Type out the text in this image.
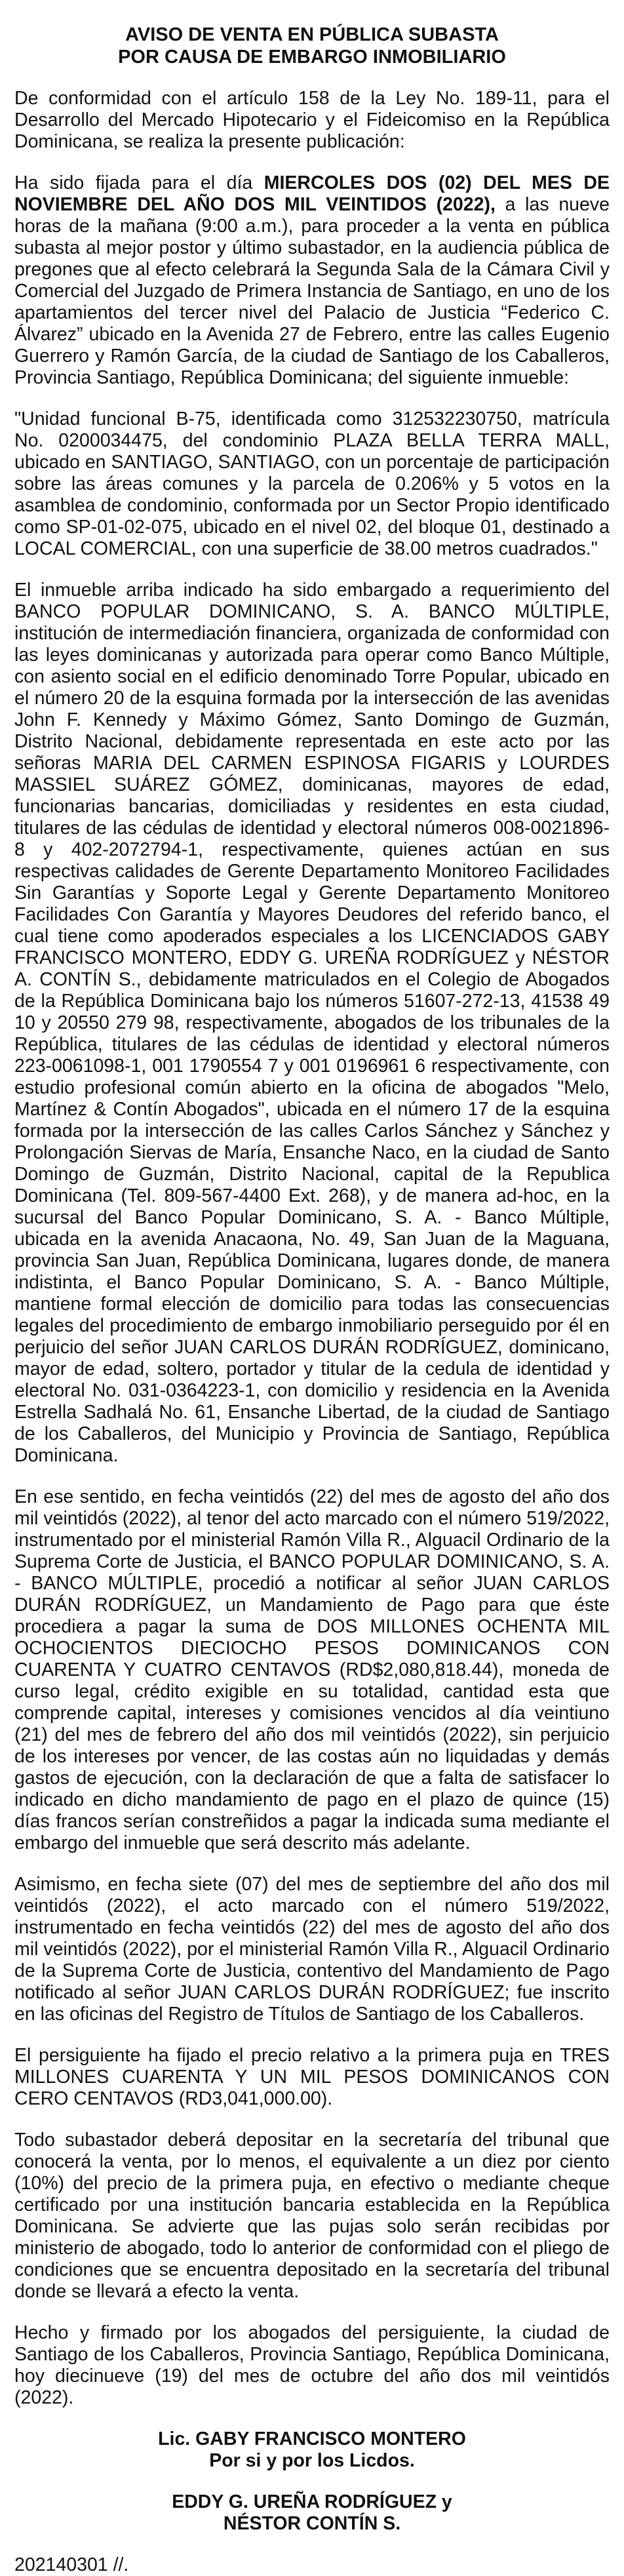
AVISO DE VENTA EN PÚBLICA SUBASTA
POR CAUSA DE EMBARGO INMOBILIARIO

De conformidad con el artículo 158 de la Ley No. 189-11, para el Desarrollo del Mercado Hipotecario y el Fideicomiso en la República Dominicana, se realiza la presente publicación:

Ha sido fijada para el día MIERCOLES DOS (02) DEL MES DE NOVIEMBRE DEL AÑO DOS MIL VEINTIDOS (2022), a las nueve horas de la mañana (9:00 a.m.), para proceder a la venta en pública subasta al mejor postor y último subastador, en la audiencia pública de pregones que al efecto celebrará la Segunda Sala de la Cámara Civil y Comercial del Juzgado de Primera Instancia de Santiago, en uno de los apartamientos del tercer nivel del Palacio de Justicia “Federico C. Álvarez” ubicado en la Avenida 27 de Febrero, entre las calles Eugenio Guerrero y Ramón García, de la ciudad de Santiago de los Caballeros, Provincia Santiago, República Dominicana; del siguiente inmueble:

"Unidad funcional B-75, identificada como 312532230750, matrícula No. 0200034475, del condominio PLAZA BELLA TERRA MALL, ubicado en SANTIAGO, SANTIAGO, con un porcentaje de participación sobre las áreas comunes y la parcela de 0.206% y 5 votos en la asamblea de condominio, conformada por un Sector Propio identificado como SP-01-02-075, ubicado en el nivel 02, del bloque 01, destinado a LOCAL COMERCIAL, con una superficie de 38.00 metros cuadrados."

El inmueble arriba indicado ha sido embargado a requerimiento del BANCO POPULAR DOMINICANO, S. A. BANCO MÚLTIPLE, institución de intermediación financiera, organizada de conformidad con las leyes dominicanas y autorizada para operar como Banco Múltiple, con asiento social en el edificio denominado Torre Popular, ubicado en el número 20 de la esquina formada por la intersección de las avenidas John F. Kennedy y Máximo Gómez, Santo Domingo de Guzmán, Distrito Nacional, debidamente representada en este acto por las señoras MARIA DEL CARMEN ESPINOSA FIGARIS y LOURDES MASSIEL SUÁREZ GÓMEZ, dominicanas, mayores de edad, funcionarias bancarias, domiciliadas y residentes en esta ciudad, titulares de las cédulas de identidad y electoral números 008-0021896-8 y 402-2072794-1, respectivamente, quienes actúan en sus respectivas calidades de Gerente Departamento Monitoreo Facilidades Sin Garantías y Soporte Legal y Gerente Departamento Monitoreo Facilidades Con Garantía y Mayores Deudores del referido banco, el cual tiene como apoderados especiales a los LICENCIADOS GABY FRANCISCO MONTERO, EDDY G. UREÑA RODRÍGUEZ y NÉSTOR A. CONTÍN S., debidamente matriculados en el Colegio de Abogados de la República Dominicana bajo los números 51607-272-13, 41538 49 10 y 20550 279 98, respectivamente, abogados de los tribunales de la República, titulares de las cédulas de identidad y electoral números 223-0061098-1, 001 1790554 7 y 001 0196961 6 respectivamente, con estudio profesional común abierto en la oficina de abogados "Melo, Martínez & Contín Abogados", ubicada en el número 17 de la esquina formada por la intersección de las calles Carlos Sánchez y Sánchez y Prolongación Siervas de María, Ensanche Naco, en la ciudad de Santo Domingo de Guzmán, Distrito Nacional, capital de la Republica Dominicana (Tel. 809-567-4400 Ext. 268), y de manera ad-hoc, en la sucursal del Banco Popular Dominicano, S. A. - Banco Múltiple, ubicada en la avenida Anacaona, No. 49, San Juan de la Maguana, provincia San Juan, República Dominicana, lugares donde, de manera indistinta, el Banco Popular Dominicano, S. A. - Banco Múltiple, mantiene formal elección de domicilio para todas las consecuencias legales del procedimiento de embargo inmobiliario perseguido por él en perjuicio del señor JUAN CARLOS DURÁN RODRÍGUEZ, dominicano, mayor de edad, soltero, portador y titular de la cedula de identidad y electoral No. 031-0364223-1, con domicilio y residencia en la Avenida Estrella Sadhalá No. 61, Ensanche Libertad, de la ciudad de Santiago de los Caballeros, del Municipio y Provincia de Santiago, República Dominicana.

En ese sentido, en fecha veintidós (22) del mes de agosto del año dos mil veintidós (2022), al tenor del acto marcado con el número 519/2022, instrumentado por el ministerial Ramón Villa R., Alguacil Ordinario de la Suprema Corte de Justicia, el BANCO POPULAR DOMINICANO, S. A. - BANCO MÚLTIPLE, procedió a notificar al señor JUAN CARLOS DURÁN RODRÍGUEZ, un Mandamiento de Pago para que éste procediera a pagar la suma de DOS MILLONES OCHENTA MIL OCHOCIENTOS DIECIOCHO PESOS DOMINICANOS CON CUARENTA Y CUATRO CENTAVOS (RD$2,080,818.44), moneda de curso legal, crédito exigible en su totalidad, cantidad esta que comprende capital, intereses y comisiones vencidos al día veintiuno (21) del mes de febrero del año dos mil veintidós (2022), sin perjuicio de los intereses por vencer, de las costas aún no liquidadas y demás gastos de ejecución, con la declaración de que a falta de satisfacer lo indicado en dicho mandamiento de pago en el plazo de quince (15) días francos serían constreñidos a pagar la indicada suma mediante el embargo del inmueble que será descrito más adelante.

Asimismo, en fecha siete (07) del mes de septiembre del año dos mil veintidós (2022), el acto marcado con el número 519/2022, instrumentado en fecha veintidós (22) del mes de agosto del año dos mil veintidós (2022), por el ministerial Ramón Villa R., Alguacil Ordinario de la Suprema Corte de Justicia, contentivo del Mandamiento de Pago notificado al señor JUAN CARLOS DURÁN RODRÍGUEZ; fue inscrito en las oficinas del Registro de Títulos de Santiago de los Caballeros.

El persiguiente ha fijado el precio relativo a la primera puja en TRES MILLONES CUARENTA Y UN MIL PESOS DOMINICANOS CON CERO CENTAVOS (RD3,041,000.00).

Todo subastador deberá depositar en la secretaría del tribunal que conocerá la venta, por lo menos, el equivalente a un diez por ciento (10%) del precio de la primera puja, en efectivo o mediante cheque certificado por una institución bancaria establecida en la República Dominicana. Se advierte que las pujas solo serán recibidas por ministerio de abogado, todo lo anterior de conformidad con el pliego de condiciones que se encuentra depositado en la secretaría del tribunal donde se llevará a efecto la venta.

Hecho y firmado por los abogados del persiguiente, la ciudad de Santiago de los Caballeros, Provincia Santiago, República Dominicana, hoy diecinueve (19) del mes de octubre del año dos mil veintidós (2022).

Lic. GABY FRANCISCO MONTERO
Por si y por los Licdos.
EDDY G. UREÑA RODRÍGUEZ y
NÉSTOR CONTÍN S.
202140301 //.
